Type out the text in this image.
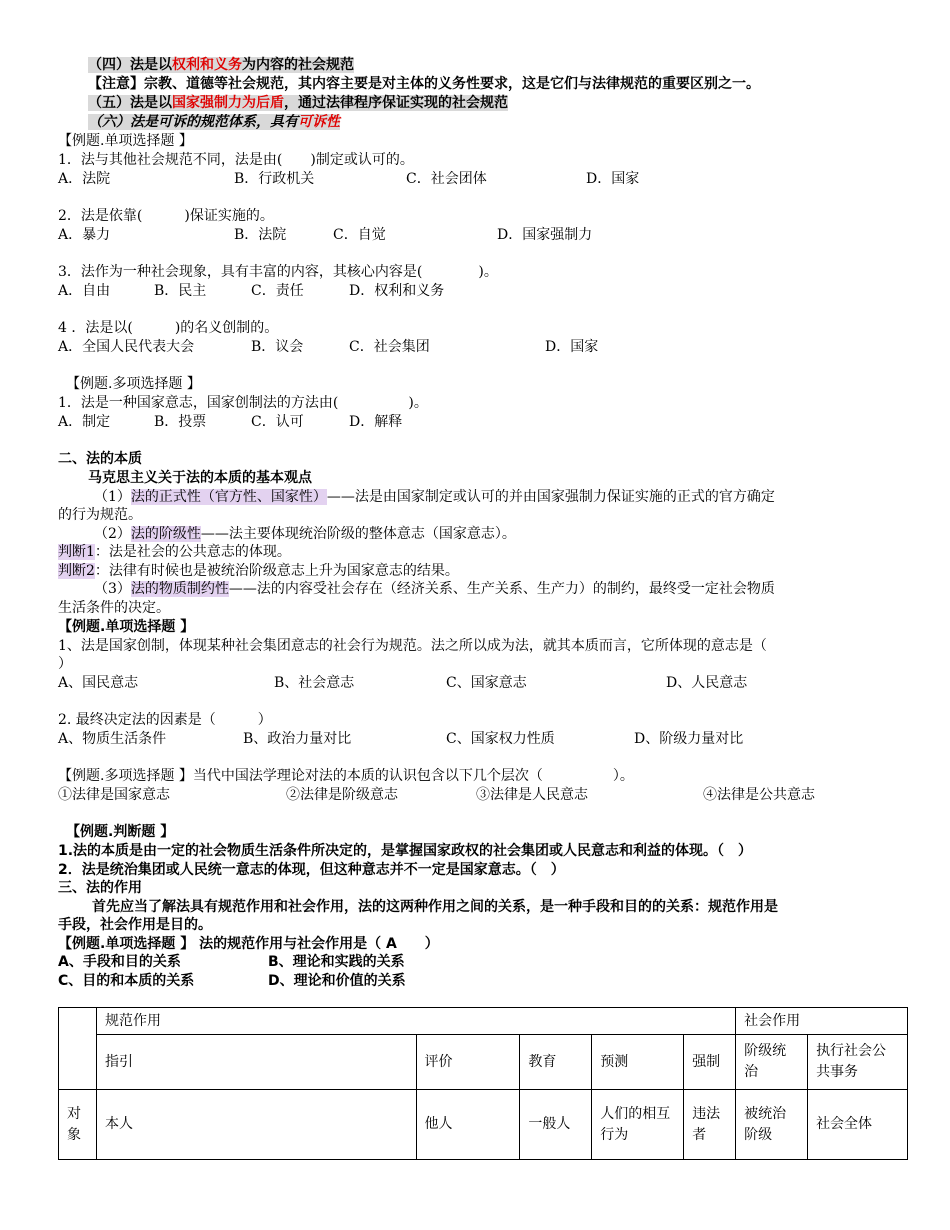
（四）法是以权利和义务为内容的社会规范
【注意】宗教、道德等社会规范，其内容主要是对主体的义务性要求，这是它们与法律规范的重要区别之一。
（五）法是以国家强制力为后盾，通过法律程序保证实现的社会规范
（六）法是可诉的规范体系，具有可诉性
【例题.单项选择题 】
1．法与其他社会规范不同，法是由(　　)制定或认可的。
A．法院	B．行政机关	C．社会团体	D．国家
2．法是依靠(　　　)保证实施的。
A．暴力	B．法院	C．自觉	D．国家强制力
3．法作为一种社会现象，具有丰富的内容，其核心内容是(　　　　)。
A．自由	B．民主	C．责任	D．权利和义务
4 ．法是以(　　　)的名义创制的。
A．全国人民代表大会	B．议会	C．社会集团	D．国家
【例题.多项选择题 】
1．法是一种国家意志，国家创制法的方法由(　　　　　)。
A．制定	B．投票	C．认可	D．解释
二、法的本质
马克思主义关于法的本质的基本观点
（1）法的正式性（官方性、国家性）——法是由国家制定或认可的并由国家强制力保证实施的正式的官方确定
的行为规范。
（2）法的阶级性——法主要体现统治阶级的整体意志（国家意志）。
判断1：法是社会的公共意志的体现。
判断2：法律有时候也是被统治阶级意志上升为国家意志的结果。
（3）法的物质制约性——法的内容受社会存在（经济关系、生产关系、生产力）的制约，最终受一定社会物质
生活条件的决定。
【例题.单项选择题 】
1、法是国家创制，体现某种社会集团意志的社会行为规范。法之所以成为法，就其本质而言，它所体现的意志是（
）
A、国民意志	B、社会意志	C、国家意志	D、人民意志
2. 最终决定法的因素是（　　　）
A、物质生活条件	B、政治力量对比	C、国家权力性质	D、阶级力量对比
【例题.多项选择题 】当代中国法学理论对法的本质的认识包含以下几个层次（　　　　　）。
①法律是国家意志	②法律是阶级意志	③法律是人民意志	④法律是公共意志
【例题.判断题 】
1.法的本质是由一定的社会物质生活条件所决定的，是掌握国家政权的社会集团或人民意志和利益的体现。（　）
2．法是统治集团或人民统一意志的体现，但这种意志并不一定是国家意志。（　）
三、法的作用
首先应当了解法具有规范作用和社会作用，法的这两种作用之间的关系，是一种手段和目的的关系：规范作用是
手段，社会作用是目的。
【例题.单项选择题 】 法的规范作用与社会作用是（ A　　）
A、手段和目的关系	B、理论和实践的关系
C、目的和本质的关系	D、理论和价值的关系
	规范作用					社会作用	
	指引	评价	教育	预测	强制	阶级统治	执行社会公共事务
对象	本人	他人	一般人	人们的相互行为	违法者	被统治阶级	社会全体
